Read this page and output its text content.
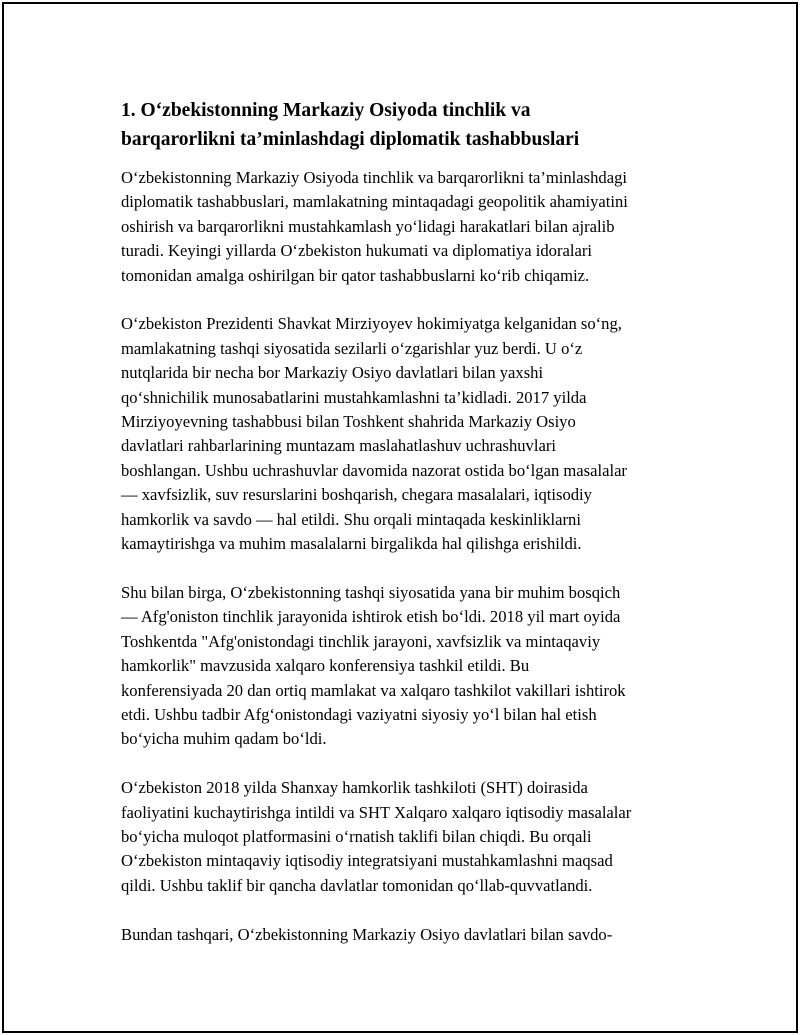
1. O‘zbekistonning Markaziy Osiyoda tinchlik va
barqarorlikni ta’minlashdagi diplomatik tashabbuslari
O‘zbekistonning Markaziy Osiyoda tinchlik va barqarorlikni ta’minlashdagi
diplomatik tashabbuslari, mamlakatning mintaqadagi geopolitik ahamiyatini
oshirish va barqarorlikni mustahkamlash yo‘lidagi harakatlari bilan ajralib
turadi. Keyingi yillarda O‘zbekiston hukumati va diplomatiya idoralari
tomonidan amalga oshirilgan bir qator tashabbuslarni ko‘rib chiqamiz.
O‘zbekiston Prezidenti Shavkat Mirziyoyev hokimiyatga kelganidan so‘ng,
mamlakatning tashqi siyosatida sezilarli o‘zgarishlar yuz berdi. U o‘z
nutqlarida bir necha bor Markaziy Osiyo davlatlari bilan yaxshi
qo‘shnichilik munosabatlarini mustahkamlashni ta’kidladi. 2017 yilda
Mirziyoyevning tashabbusi bilan Toshkent shahrida Markaziy Osiyo
davlatlari rahbarlarining muntazam maslahatlashuv uchrashuvlari
boshlangan. Ushbu uchrashuvlar davomida nazorat ostida bo‘lgan masalalar
— xavfsizlik, suv resurslarini boshqarish, chegara masalalari, iqtisodiy
hamkorlik va savdo — hal etildi. Shu orqali mintaqada keskinliklarni
kamaytirishga va muhim masalalarni birgalikda hal qilishga erishildi.
Shu bilan birga, O‘zbekistonning tashqi siyosatida yana bir muhim bosqich
— Afg'oniston tinchlik jarayonida ishtirok etish bo‘ldi. 2018 yil mart oyida
Toshkentda "Afg'onistondagi tinchlik jarayoni, xavfsizlik va mintaqaviy
hamkorlik" mavzusida xalqaro konferensiya tashkil etildi. Bu
konferensiyada 20 dan ortiq mamlakat va xalqaro tashkilot vakillari ishtirok
etdi. Ushbu tadbir Afg‘onistondagi vaziyatni siyosiy yo‘l bilan hal etish
bo‘yicha muhim qadam bo‘ldi.
O‘zbekiston 2018 yilda Shanxay hamkorlik tashkiloti (SHT) doirasida
faoliyatini kuchaytirishga intildi va SHT Xalqaro xalqaro iqtisodiy masalalar
bo‘yicha muloqot platformasini o‘rnatish taklifi bilan chiqdi. Bu orqali
O‘zbekiston mintaqaviy iqtisodiy integratsiyani mustahkamlashni maqsad
qildi. Ushbu taklif bir qancha davlatlar tomonidan qo‘llab-quvvatlandi.
Bundan tashqari, O‘zbekistonning Markaziy Osiyo davlatlari bilan savdo-
